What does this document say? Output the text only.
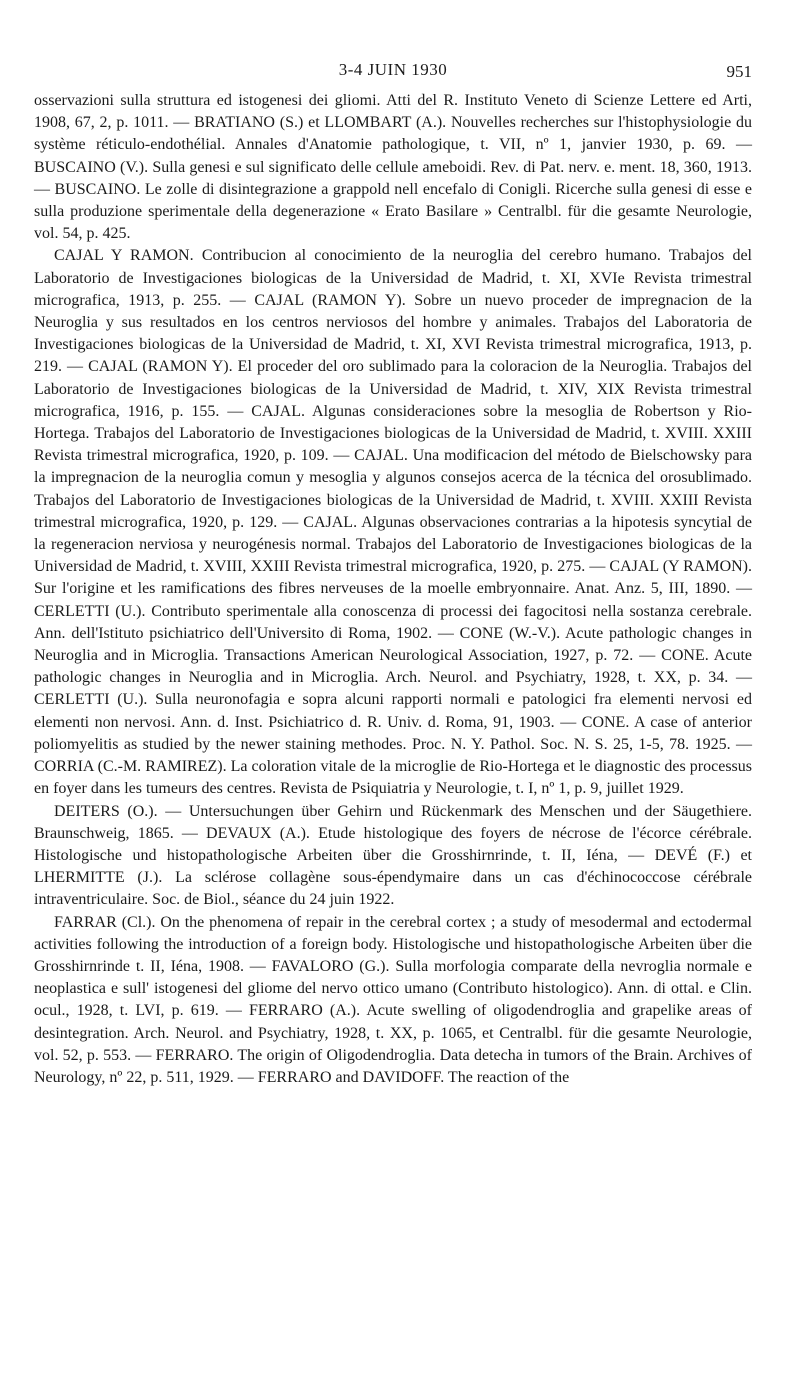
3-4 JUIN 1930	951

osservazioni sulla struttura ed istogenesi dei gliomi. Atti del R. Instituto Veneto di Scienze Lettere ed Arti, 1908, 67, 2, p. 1011. — BRATIANO (S.) et LLOMBART (A.). Nouvelles recherches sur l'histophysiologie du système réticulo-endothélial. Annales d'Anatomie pathologique, t. VII, nº 1, janvier 1930, p. 69. — BUSCAINO (V.). Sulla genesi e sul significato delle cellule ameboidi. Rev. di Pat. nerv. e. ment. 18, 360, 1913. — BUSCAINO. Le zolle di disintegrazione a grappold nell encefalo di Conigli. Ricerche sulla genesi di esse e sulla produzione sperimentale della degenerazione « Erato Basilare » Centralbl. für die gesamte Neurologie, vol. 54, p. 425.

CAJAL Y RAMON. Contribucion al conocimiento de la neuroglia del cerebro humano. Trabajos del Laboratorio de Investigaciones biologicas de la Universidad de Madrid, t. XI, XVIe Revista trimestral micrografica, 1913, p. 255. — CAJAL (RAMON Y). Sobre un nuevo proceder de impregnacion de la Neuroglia y sus resultados en los centros nerviosos del hombre y animales. Trabajos del Laboratoria de Investigaciones biologicas de la Universidad de Madrid, t. XI, XVI Revista trimestral micrografica, 1913, p. 219. — CAJAL (RAMON Y). El proceder del oro sublimado para la coloracion de la Neuroglia. Trabajos del Laboratorio de Investigaciones biologicas de la Universidad de Madrid, t. XIV, XIX Revista trimestral micrografica, 1916, p. 155. — CAJAL. Algunas consideraciones sobre la mesoglia de Robertson y Rio-Hortega. Trabajos del Laboratorio de Investigaciones biologicas de la Universidad de Madrid, t. XVIII. XXIII Revista trimestral micrografica, 1920, p. 109. — CAJAL. Una modificacion del método de Bielschowsky para la impregnacion de la neuroglia comun y mesoglia y algunos consejos acerca de la técnica del orosublimado. Trabajos del Laboratorio de Investigaciones biologicas de la Universidad de Madrid, t. XVIII. XXIII Revista trimestral micrografica, 1920, p. 129. — CAJAL. Algunas observaciones contrarias a la hipotesis syncytial de la regeneracion nerviosa y neurogénesis normal. Trabajos del Laboratorio de Investigaciones biologicas de la Universidad de Madrid, t. XVIII, XXIII Revista trimestral micrografica, 1920, p. 275. — CAJAL (Y RAMON). Sur l'origine et les ramifications des fibres nerveuses de la moelle embryonnaire. Anat. Anz. 5, III, 1890. — CERLETTI (U.). Contributo sperimentale alla conoscenza di processi dei fagocitosi nella sostanza cerebrale. Ann. dell'Istituto psichiatrico dell'Universito di Roma, 1902. — CONE (W.-V.). Acute pathologic changes in Neuroglia and in Microglia. Transactions American Neurological Association, 1927, p. 72. — CONE. Acute pathologic changes in Neuroglia and in Microglia. Arch. Neurol. and Psychiatry, 1928, t. XX, p. 34. — CERLETTI (U.). Sulla neuronofagia e sopra alcuni rapporti normali e patologici fra elementi nervosi ed elementi non nervosi. Ann. d. Inst. Psichiatrico d. R. Univ. d. Roma, 91, 1903. — CONE. A case of anterior poliomyelitis as studied by the newer staining methodes. Proc. N. Y. Pathol. Soc. N. S. 25, 1-5, 78. 1925. — CORRIA (C.-M. RAMIREZ). La coloration vitale de la microglie de Rio-Hortega et le diagnostic des processus en foyer dans les tumeurs des centres. Revista de Psiquiatria y Neurologie, t. I, nº 1, p. 9, juillet 1929.

DEITERS (O.). — Untersuchungen über Gehirn und Rückenmark des Menschen und der Säugethiere. Braunschweig, 1865. — DEVAUX (A.). Etude histologique des foyers de nécrose de l'écorce cérébrale. Histologische und histopathologische Arbeiten über die Grosshirnrinde, t. II, Iéna, — DEVÉ (F.) et LHERMITTE (J.). La sclérose collagène sous-épendymaire dans un cas d'échinococcose cérébrale intraventriculaire. Soc. de Biol., séance du 24 juin 1922.

FARRAR (Cl.). On the phenomena of repair in the cerebral cortex ; a study of mesodermal and ectodermal activities following the introduction of a foreign body. Histologische und histopathologische Arbeiten über die Grosshirnrinde t. II, Iéna, 1908. — FAVALORO (G.). Sulla morfologia comparate della nevroglia normale e neoplastica e sull' istogenesi del gliome del nervo ottico umano (Contributo histologico). Ann. di ottal. e Clin. ocul., 1928, t. LVI, p. 619. — FERRARO (A.). Acute swelling of oligodendroglia and grapelike areas of desintegration. Arch. Neurol. and Psychiatry, 1928, t. XX, p. 1065, et Centralbl. für die gesamte Neurologie, vol. 52, p. 553. — FERRARO. The origin of Oligodendroglia. Data detecha in tumors of the Brain. Archives of Neurology, nº 22, p. 511, 1929. — FERRARO and DAVIDOFF. The reaction of the
